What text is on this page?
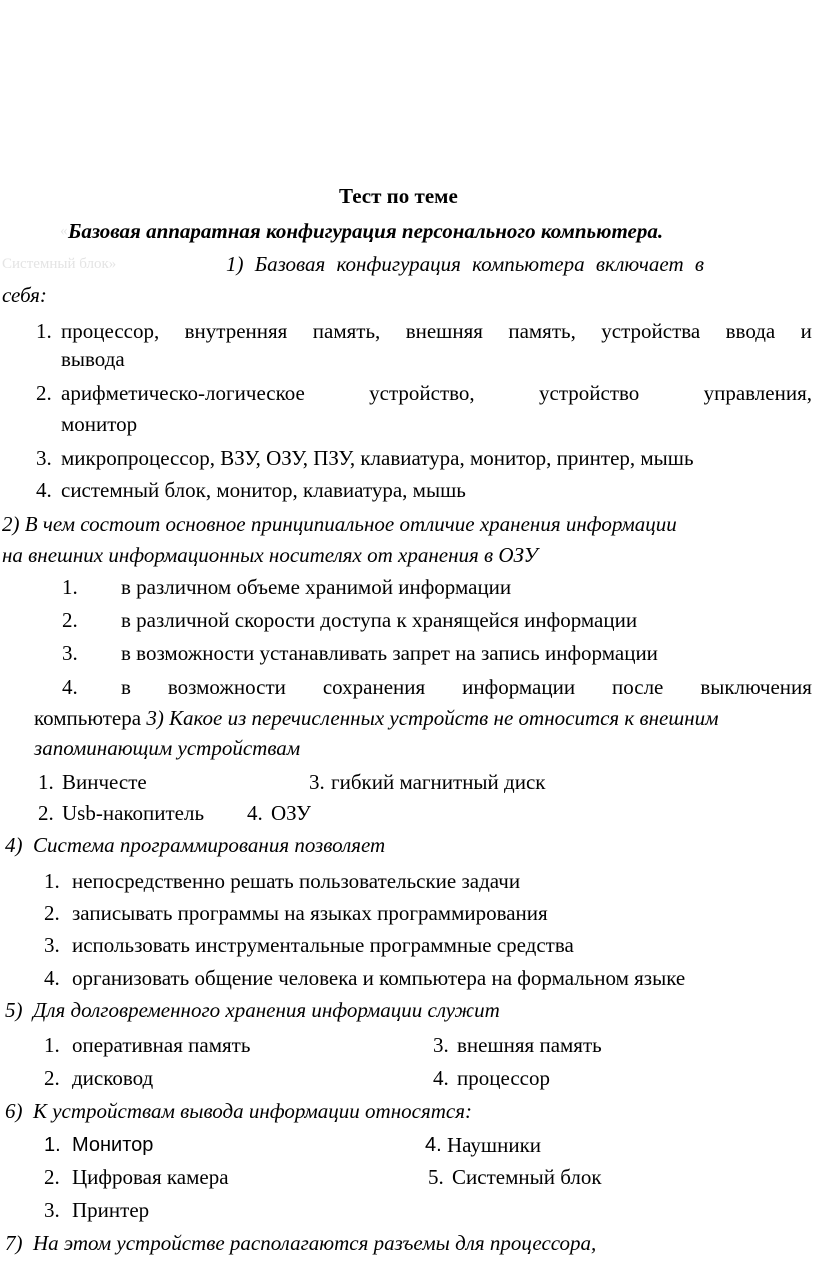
Тест по теме
« Базовая аппаратная конфигурация персонального компьютера.
Системный блок»	1) Базовая конфигурация компьютера включает в
себя:
1. процессор, внутренняя память, внешняя память, устройства ввода и
вывода
2. арифметическо-логическое	устройство,	устройство	управления,
монитор
3. микропроцессор, ВЗУ, ОЗУ, ПЗУ, клавиатура, монитор, принтер, мышь
4. системный блок, монитор, клавиатура, мышь
2) В чем состоит основное принципиальное отличие хранения информации
на внешних информационных носителях от хранения в ОЗУ
1. в различном объеме хранимой информации
2. в различной скорости доступа к хранящейся информации
3. в возможности устанавливать запрет на запись информации
4. в возможности сохранения информации после выключения
компьютера 3) Какое из перечисленных устройств не относится к внешним
запоминающим устройствам
1. Винчесте	3. гибкий магнитный диск
2. Usb-накопитель 4. ОЗУ
4)  Система программирования позволяет
1. непосредственно решать пользовательские задачи
2. записывать программы на языках программирования
3. использовать инструментальные программные средства
4. организовать общение человека и компьютера на формальном языке
5)  Для долговременного хранения информации служит
1. оперативная память	3. внешняя память
2. дисковод	4. процессор
6)  К устройствам вывода информации относятся:
1. Монитор	4. Наушники
2. Цифровая камера	5. Системный блок
3. Принтер
7)  На этом устройстве располагаются разъемы для процессора,
